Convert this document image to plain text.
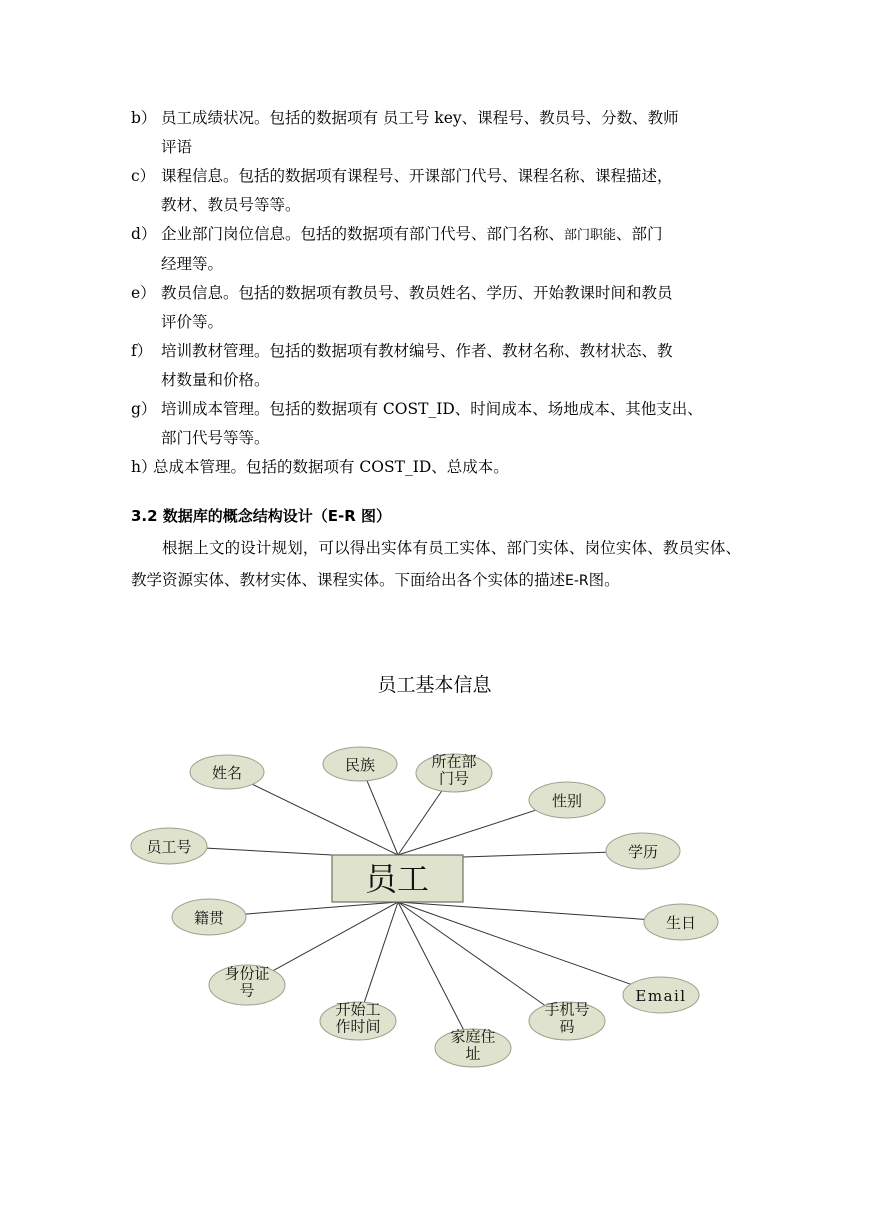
b） 员工成绩状况。包括的数据项有 员工号 key、课程号、教员号、分数、教师
评语
c） 课程信息。包括的数据项有课程号、开课部门代号、课程名称、课程描述，
教材、教员号等等。
d） 企业部门岗位信息。包括的数据项有部门代号、部门名称、部门职能、部门
经理等。
e） 教员信息。包括的数据项有教员号、教员姓名、学历、开始教课时间和教员
评价等。
f） 培训教材管理。包括的数据项有教材编号、作者、教材名称、教材状态、教
材数量和价格。
g） 培训成本管理。包括的数据项有 COST_ID、时间成本、场地成本、其他支出、
部门代号等等。
h）总成本管理。包括的数据项有 COST_ID、总成本。
3.2 数据库的概念结构设计（E-R 图）
根据上文的设计规划，可以得出实体有员工实体、部门实体、岗位实体、教员实体、教学资源实体、教材实体、课程实体。下面给出各个实体的描述E-R图。
员工基本信息
员工
姓名	民族	所在部
门号
性别
员工号	学历
籍贯	生日
身份证
号	Email
开始工
作时间
手机号
码
家庭住
址
